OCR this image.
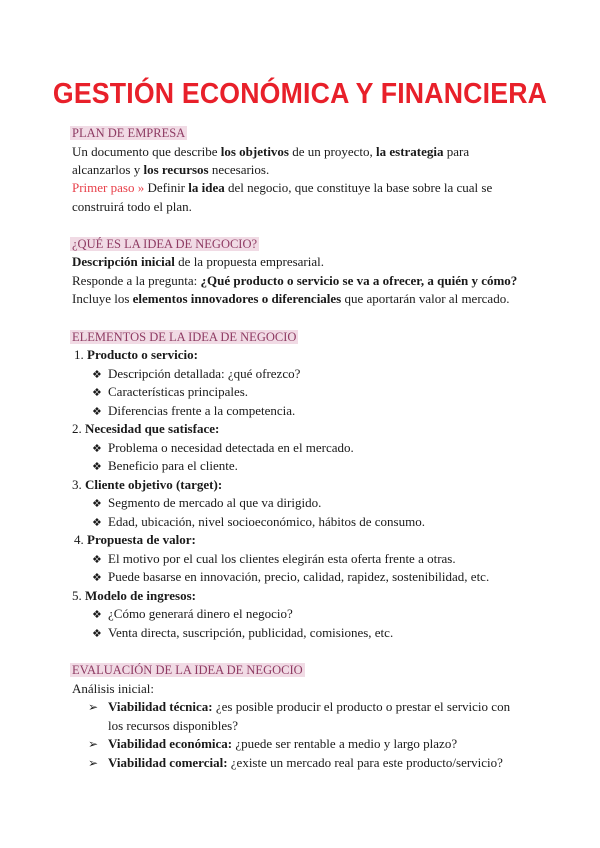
GESTIÓN ECONÓMICA Y FINANCIERA
PLAN DE EMPRESA
Un documento que describe los objetivos de un proyecto, la estrategia para
alcanzarlos y los recursos necesarios.
Primer paso » Definir la idea del negocio, que constituye la base sobre la cual se
construirá todo el plan.
¿QUÉ ES LA IDEA DE NEGOCIO?
Descripción inicial de la propuesta empresarial.
Responde a la pregunta: ¿Qué producto o servicio se va a ofrecer, a quién y cómo?
Incluye los elementos innovadores o diferenciales que aportarán valor al mercado.
ELEMENTOS DE LA IDEA DE NEGOCIO
1. Producto o servicio:
❖ Descripción detallada: ¿qué ofrezco?
❖ Características principales.
❖ Diferencias frente a la competencia.
2. Necesidad que satisface:
❖ Problema o necesidad detectada en el mercado.
❖ Beneficio para el cliente.
3. Cliente objetivo (target):
❖ Segmento de mercado al que va dirigido.
❖ Edad, ubicación, nivel socioeconómico, hábitos de consumo.
4. Propuesta de valor:
❖ El motivo por el cual los clientes elegirán esta oferta frente a otras.
❖ Puede basarse en innovación, precio, calidad, rapidez, sostenibilidad, etc.
5. Modelo de ingresos:
❖ ¿Cómo generará dinero el negocio?
❖ Venta directa, suscripción, publicidad, comisiones, etc.
EVALUACIÓN DE LA IDEA DE NEGOCIO
Análisis inicial:
➢ Viabilidad técnica: ¿es posible producir el producto o prestar el servicio con
los recursos disponibles?
➢ Viabilidad económica: ¿puede ser rentable a medio y largo plazo?
➢ Viabilidad comercial: ¿existe un mercado real para este producto/servicio?
